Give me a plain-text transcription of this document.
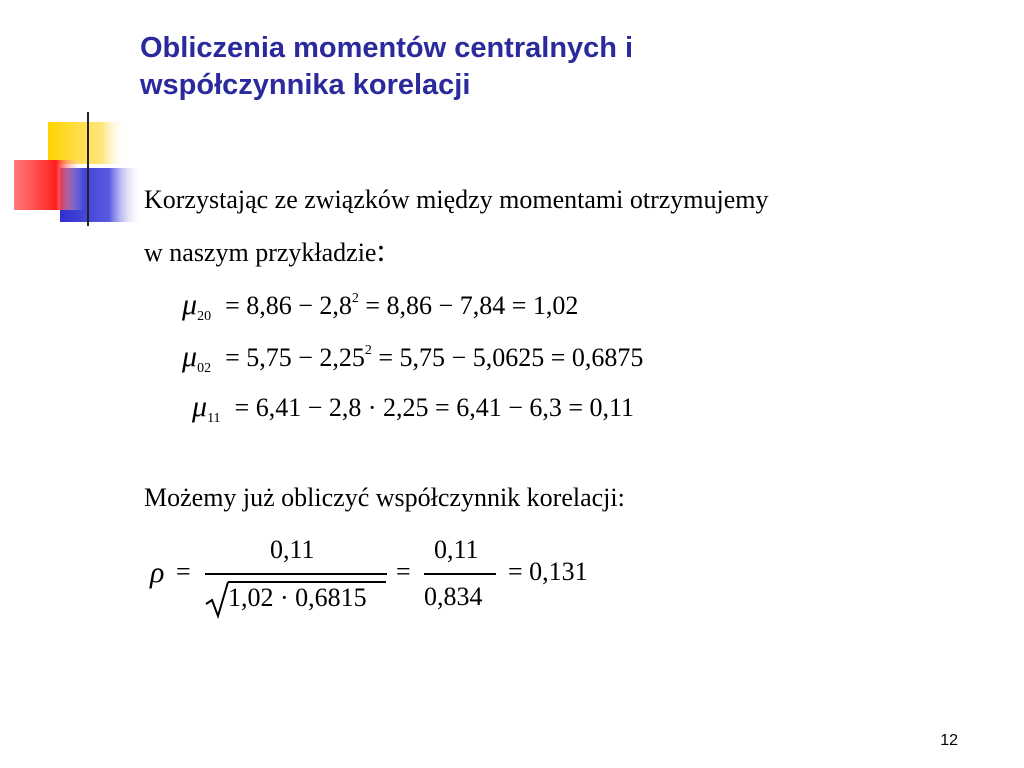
Obliczenia momentów centralnych i
współczynnika korelacji
Korzystając ze związków między momentami otrzymujemy
w naszym przykładzie:
$\mu_{20} = 8,86 - 2,8^2 = 8,86 - 7,84 = 1,02$
$\mu_{02} = 5,75 - 2,25^2 = 5,75 - 5,0625 = 0,6875$
$\mu_{11} = 6,41 - 2,8 \cdot 2,25 = 6,41 - 6,3 = 0,11$
Możemy już obliczyć współczynnik korelacji:
ρ =
0,11
1,02 · 0,6815
=
0,11
0,834
= 0,131
12
